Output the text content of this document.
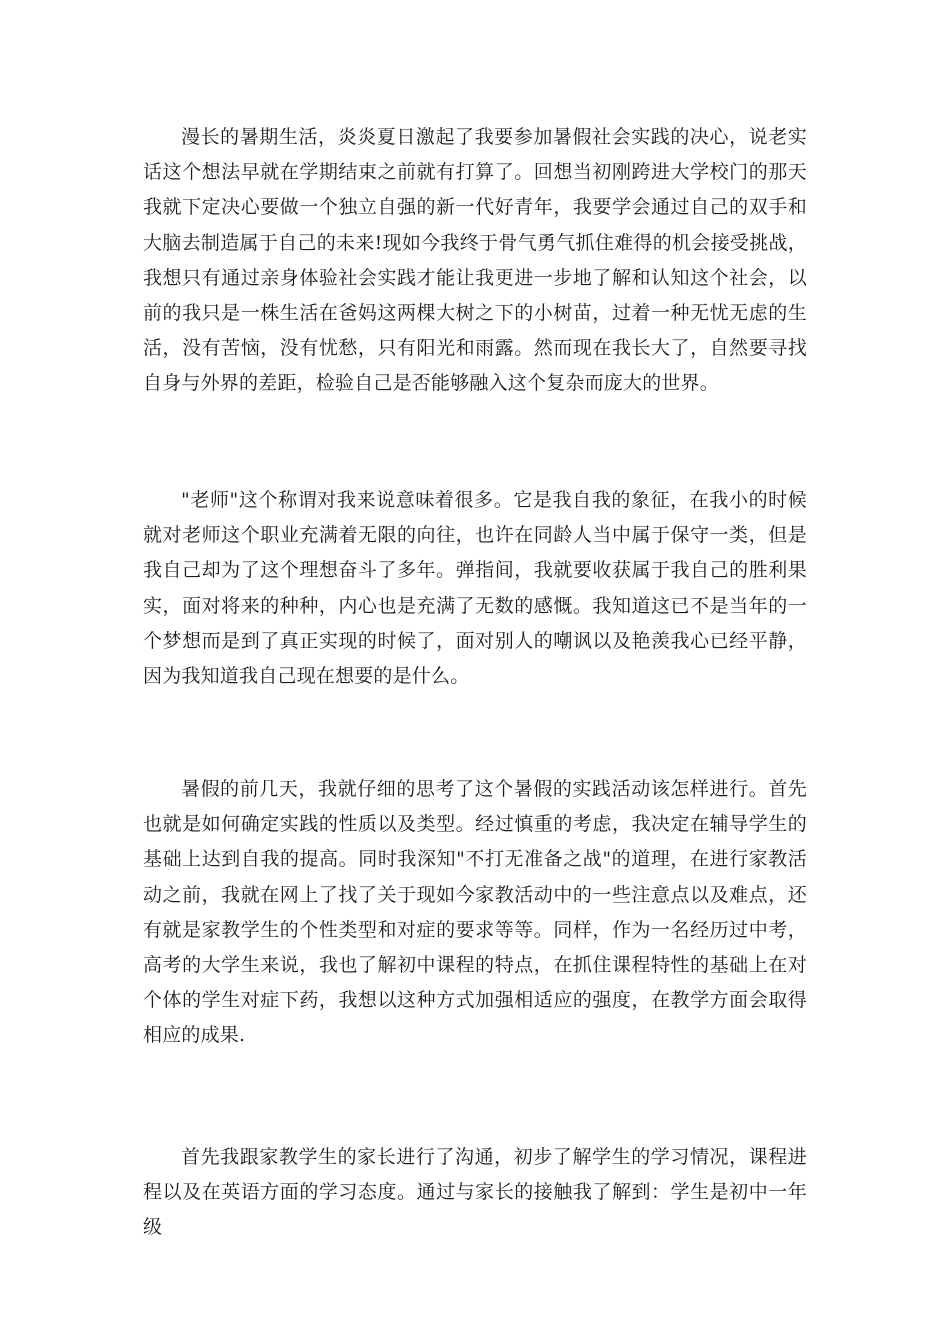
漫长的暑期生活，炎炎夏日激起了我要参加暑假社会实践的决心，说老实话这个想法早就在学期结束之前就有打算了。回想当初刚跨进大学校门的那天我就下定决心要做一个独立自强的新一代好青年，我要学会通过自己的双手和大脑去制造属于自己的未来!现如今我终于骨气勇气抓住难得的机会接受挑战，我想只有通过亲身体验社会实践才能让我更进一步地了解和认知这个社会，以前的我只是一株生活在爸妈这两棵大树之下的小树苗，过着一种无忧无虑的生活，没有苦恼，没有忧愁，只有阳光和雨露。然而现在我长大了，自然要寻找自身与外界的差距，检验自己是否能够融入这个复杂而庞大的世界。

"老师"这个称谓对我来说意味着很多。它是我自我的象征，在我小的时候就对老师这个职业充满着无限的向往，也许在同龄人当中属于保守一类，但是我自己却为了这个理想奋斗了多年。弹指间，我就要收获属于我自己的胜利果实，面对将来的种种，内心也是充满了无数的感慨。我知道这已不是当年的一个梦想而是到了真正实现的时候了，面对别人的嘲讽以及艳羡我心已经平静，因为我知道我自己现在想要的是什么。

暑假的前几天，我就仔细的思考了这个暑假的实践活动该怎样进行。首先也就是如何确定实践的性质以及类型。经过慎重的考虑，我决定在辅导学生的基础上达到自我的提高。同时我深知"不打无准备之战"的道理，在进行家教活动之前，我就在网上了找了关于现如今家教活动中的一些注意点以及难点，还有就是家教学生的个性类型和对症的要求等等。同样，作为一名经历过中考，高考的大学生来说，我也了解初中课程的特点，在抓住课程特性的基础上在对个体的学生对症下药，我想以这种方式加强相适应的强度，在教学方面会取得相应的成果.

首先我跟家教学生的家长进行了沟通，初步了解学生的学习情况，课程进程以及在英语方面的学习态度。通过与家长的接触我了解到：学生是初中一年级
